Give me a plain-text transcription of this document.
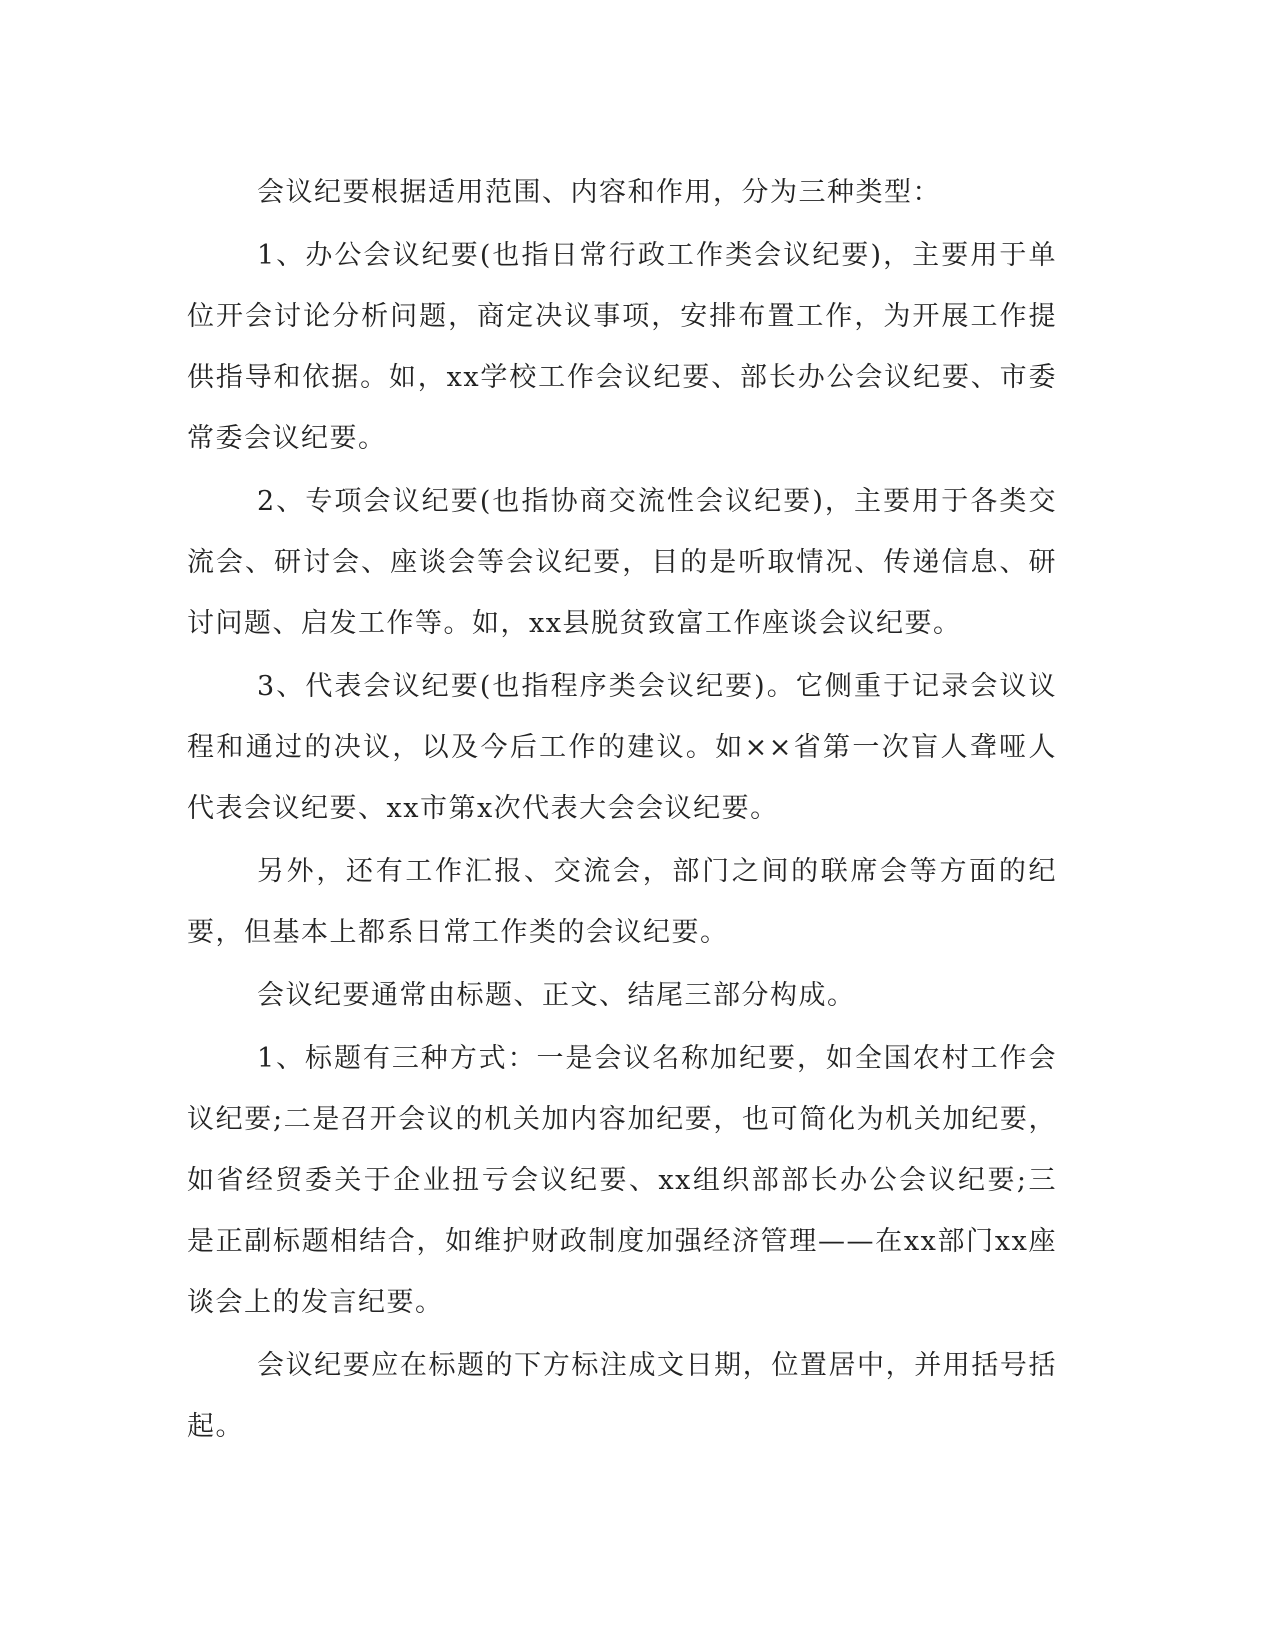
会议纪要根据适用范围、内容和作用，分为三种类型：

1、办公会议纪要(也指日常行政工作类会议纪要)，主要用于单位开会讨论分析问题，商定决议事项，安排布置工作，为开展工作提供指导和依据。如，xx学校工作会议纪要、部长办公会议纪要、市委常委会议纪要。

2、专项会议纪要(也指协商交流性会议纪要)，主要用于各类交流会、研讨会、座谈会等会议纪要，目的是听取情况、传递信息、研讨问题、启发工作等。如，xx县脱贫致富工作座谈会议纪要。

3、代表会议纪要(也指程序类会议纪要)。它侧重于记录会议议程和通过的决议，以及今后工作的建议。如××省第一次盲人聋哑人代表会议纪要、xx市第x次代表大会会议纪要。

另外，还有工作汇报、交流会，部门之间的联席会等方面的纪要，但基本上都系日常工作类的会议纪要。

会议纪要通常由标题、正文、结尾三部分构成。

1、标题有三种方式：一是会议名称加纪要，如全国农村工作会议纪要;二是召开会议的机关加内容加纪要，也可简化为机关加纪要，如省经贸委关于企业扭亏会议纪要、xx组织部部长办公会议纪要;三是正副标题相结合，如维护财政制度加强经济管理——在xx部门xx座谈会上的发言纪要。

会议纪要应在标题的下方标注成文日期，位置居中，并用括号括起。
